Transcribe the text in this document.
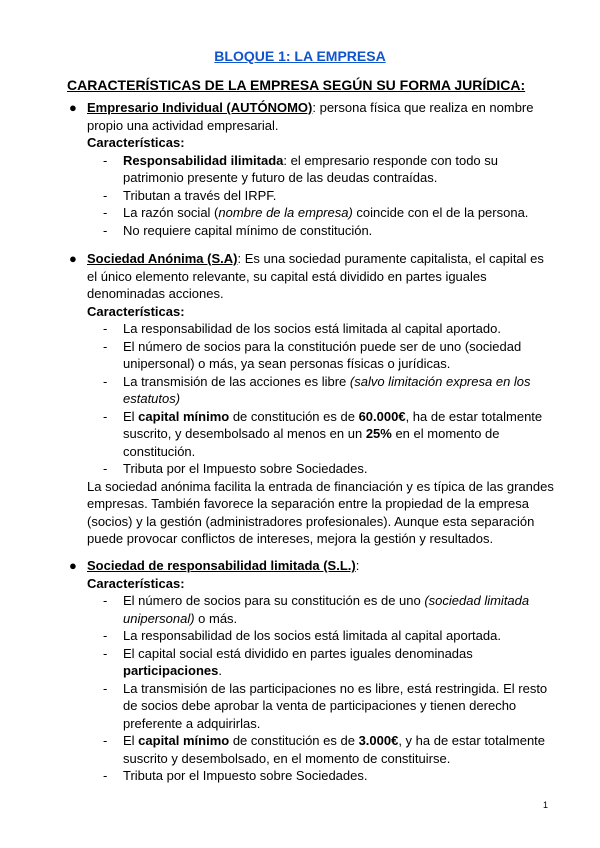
BLOQUE 1: LA EMPRESA
CARACTERÍSTICAS DE LA EMPRESA SEGÚN SU FORMA JURÍDICA:
● Empresario Individual (AUTÓNOMO): persona física que realiza en nombre propio una actividad empresarial.
Características:
- Responsabilidad ilimitada: el empresario responde con todo su patrimonio presente y futuro de las deudas contraídas.
- Tributan a través del IRPF.
- La razón social (nombre de la empresa) coincide con el de la persona.
- No requiere capital mínimo de constitución.
● Sociedad Anónima (S.A): Es una sociedad puramente capitalista, el capital es el único elemento relevante, su capital está dividido en partes iguales denominadas acciones.
Características:
- La responsabilidad de los socios está limitada al capital aportado.
- El número de socios para la constitución puede ser de uno (sociedad unipersonal) o más, ya sean personas físicas o jurídicas.
- La transmisión de las acciones es libre (salvo limitación expresa en los estatutos)
- El capital mínimo de constitución es de 60.000€, ha de estar totalmente suscrito, y desembolsado al menos en un 25% en el momento de constitución.
- Tributa por el Impuesto sobre Sociedades.
La sociedad anónima facilita la entrada de financiación y es típica de las grandes empresas. También favorece la separación entre la propiedad de la empresa (socios) y la gestión (administradores profesionales). Aunque esta separación puede provocar conflictos de intereses, mejora la gestión y resultados.
● Sociedad de responsabilidad limitada (S.L.):
Características:
- El número de socios para su constitución es de uno (sociedad limitada unipersonal) o más.
- La responsabilidad de los socios está limitada al capital aportada.
- El capital social está dividido en partes iguales denominadas participaciones.
- La transmisión de las participaciones no es libre, está restringida. El resto de socios debe aprobar la venta de participaciones y tienen derecho preferente a adquirirlas.
- El capital mínimo de constitución es de 3.000€, y ha de estar totalmente suscrito y desembolsado, en el momento de constituirse.
- Tributa por el Impuesto sobre Sociedades.
1
